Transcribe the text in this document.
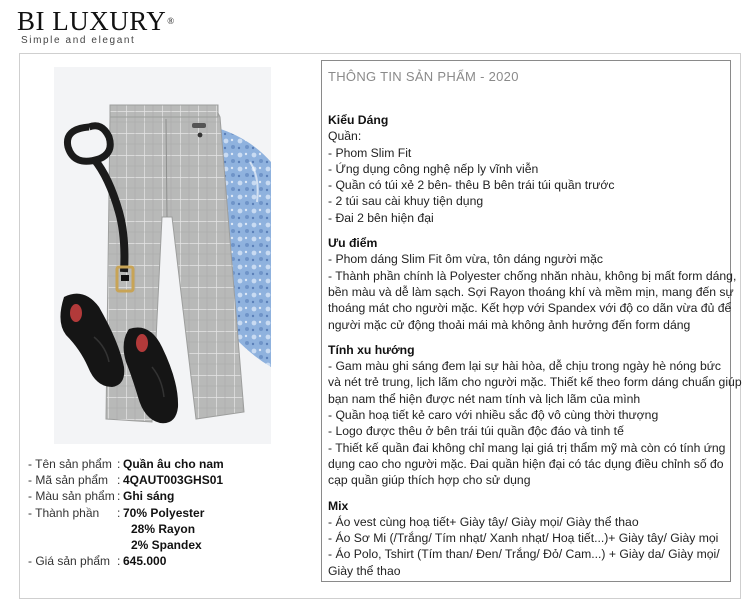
BI LUXURY®
Simple and elegant
- Tên sản phẩm : Quần âu cho nam
- Mã sản phẩm : 4QAUT003GHS01
- Màu sản phẩm : Ghi sáng
- Thành phần	: 70% Polyester
28% Rayon
2% Spandex
- Giá sản phẩm : 645.000
THÔNG TIN SẢN PHẨM - 2020
Kiểu Dáng
Quần:
- Phom Slim Fit
- Ứng dụng công nghệ nếp ly vĩnh viễn
- Quần có túi xẻ 2 bên- thêu B bên trái túi quần trước
- 2 túi sau cài khuy tiện dụng
- Đai 2 bên hiện đại
Ưu điểm
- Phom dáng Slim Fit ôm vừa, tôn dáng người mặc
- Thành phần chính là Polyester chống nhăn nhàu, không bị mất form dáng,
bền màu và dễ làm sạch. Sợi Rayon thoáng khí và mềm mịn, mang đến sự
thoáng mát cho người mặc. Kết hợp với Spandex với độ co dãn vừa đủ để
người mặc cử động thoải mái mà không ảnh hưởng đến form dáng
Tính xu hướng
- Gam màu ghi sáng đem lại sự hài hòa, dễ chịu trong ngày hè nóng bức
và nét trẻ trung, lịch lãm cho người mặc. Thiết kế theo form dáng chuẩn giúp
bạn nam thể hiện được nét nam tính và lịch lãm của mình
- Quần hoạ tiết kẻ caro với nhiều sắc độ vô cùng thời thượng
- Logo được thêu ở bên trái túi quần độc đáo và tinh tế
- Thiết kế quần đai không chỉ mang lại giá trị thẩm mỹ mà còn có tính ứng
dụng cao cho người mặc. Đai quần hiện đại có tác dụng điều chỉnh số đo
cạp quần giúp thích hợp cho sử dụng
Mix
- Áo vest cùng hoạ tiết+ Giày tây/ Giày mọi/ Giày thể thao
- Áo Sơ Mi (/Trắng/ Tím nhạt/ Xanh nhạt/ Hoạ tiết...)+ Giày tây/ Giày mọi
- Áo Polo, Tshirt (Tím than/ Đen/ Trắng/ Đỏ/ Cam...) + Giày da/ Giày mọi/
Giày thể thao
